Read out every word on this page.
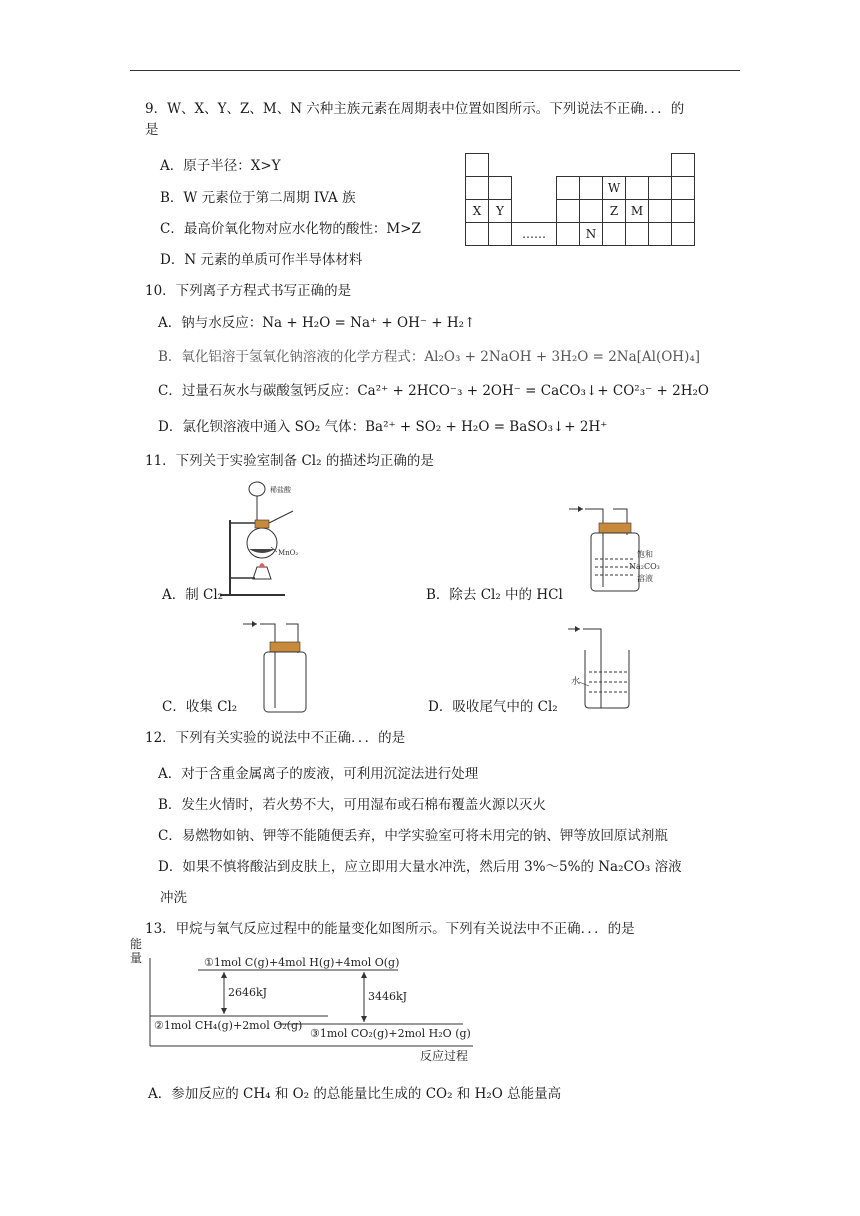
9．W、X、Y、Z、M、N 六种主族元素在周期表中位置如图所示。下列说法不正确．．．的
是
A．原子半径：X>Y
B．W 元素位于第二周期 IVA 族
C．最高价氧化物对应水化物的酸性：M>Z
D．N 元素的单质可作半导体材料

						W			
X	Y					Z	M		
		……			N				
10．下列离子方程式书写正确的是
A．钠与水反应：Na + H₂O = Na⁺ + OH⁻ + H₂↑
B．氧化铝溶于氢氧化钠溶液的化学方程式：Al₂O₃ + 2NaOH + 3H₂O = 2Na[Al(OH)₄]
C．过量石灰水与碳酸氢钙反应：Ca²⁺ + 2HCO⁻₃ + 2OH⁻ = CaCO₃↓+ CO²₃⁻ + 2H₂O
D．氯化钡溶液中通入 SO₂ 气体：Ba²⁺ + SO₂ + H₂O = BaSO₃↓+ 2H⁺
11．下列关于实验室制备 Cl₂ 的描述均正确的是
稀盐酸
MnO₂
A．制 Cl₂
饱和
Na₂CO₃
溶液
B．除去 Cl₂ 中的 HCl
C．收集 Cl₂
水
D．吸收尾气中的 Cl₂
12．下列有关实验的说法中不正确．．．的是
A．对于含重金属离子的废液，可利用沉淀法进行处理
B．发生火情时，若火势不大，可用湿布或石棉布覆盖火源以灭火
C．易燃物如钠、钾等不能随便丢弃，中学实验室可将未用完的钠、钾等放回原试剂瓶
D．如果不慎将酸沾到皮肤上，应立即用大量水冲洗，然后用 3%～5%的 Na₂CO₃ 溶液
冲洗
13．甲烷与氧气反应过程中的能量变化如图所示。下列有关说法中不正确．．．的是
能
量
反应过程
①1mol C(g)+4mol H(g)+4mol O(g)
②1mol CH₄(g)+2mol O₂(g)
③1mol CO₂(g)+2mol H₂O (g)
2646kJ	3446kJ
A．参加反应的 CH₄ 和 O₂ 的总能量比生成的 CO₂ 和 H₂O 总能量高
